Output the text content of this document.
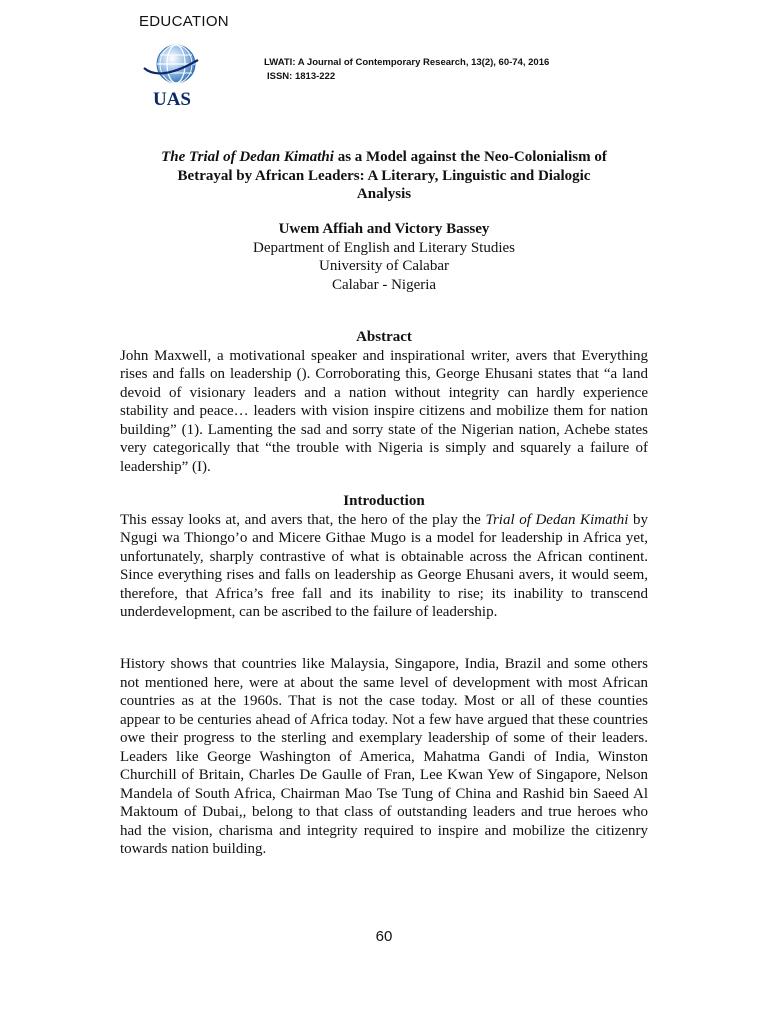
EDUCATION
UAS
LWATI: A Journal of Contemporary Research, 13(2), 60-74, 2016
ISSN: 1813-222
The Trial of Dedan Kimathi as a Model against the Neo-Colonialism of
Betrayal by African Leaders: A Literary, Linguistic and Dialogic
Analysis
Uwem Affiah and Victory Bassey
Department of English and Literary Studies
University of Calabar
Calabar - Nigeria
Abstract
John Maxwell, a motivational speaker and inspirational writer, avers that Everything rises and falls on leadership (). Corroborating this, George Ehusani states that “a land devoid of visionary leaders and a nation without integrity can hardly experience stability and peace… leaders with vision inspire citizens and mobilize them for nation building” (1). Lamenting the sad and sorry state of the Nigerian nation, Achebe states very categorically that “the trouble with Nigeria is simply and squarely a failure of leadership” (I).
Introduction
This essay looks at, and avers that, the hero of the play the Trial of Dedan Kimathi by Ngugi wa Thiongo’o and Micere Githae Mugo is a model for leadership in Africa yet, unfortunately, sharply contrastive of what is obtainable across the African continent. Since everything rises and falls on leadership as George Ehusani avers, it would seem, therefore, that Africa’s free fall and its inability to rise; its inability to transcend underdevelopment, can be ascribed to the failure of leadership.
History shows that countries like Malaysia, Singapore, India, Brazil and some others not mentioned here, were at about the same level of development with most African countries as at the 1960s. That is not the case today. Most or all of these counties appear to be centuries ahead of Africa today. Not a few have argued that these countries owe their progress to the sterling and exemplary leadership of some of their leaders. Leaders like George Washington of America, Mahatma Gandi of India, Winston Churchill of Britain, Charles De Gaulle of Fran, Lee Kwan Yew of Singapore, Nelson Mandela of South Africa, Chairman Mao Tse Tung of China and Rashid bin Saeed Al Maktoum of Dubai,, belong to that class of outstanding leaders and true heroes who had the vision, charisma and integrity required to inspire and mobilize the citizenry towards nation building.
60
